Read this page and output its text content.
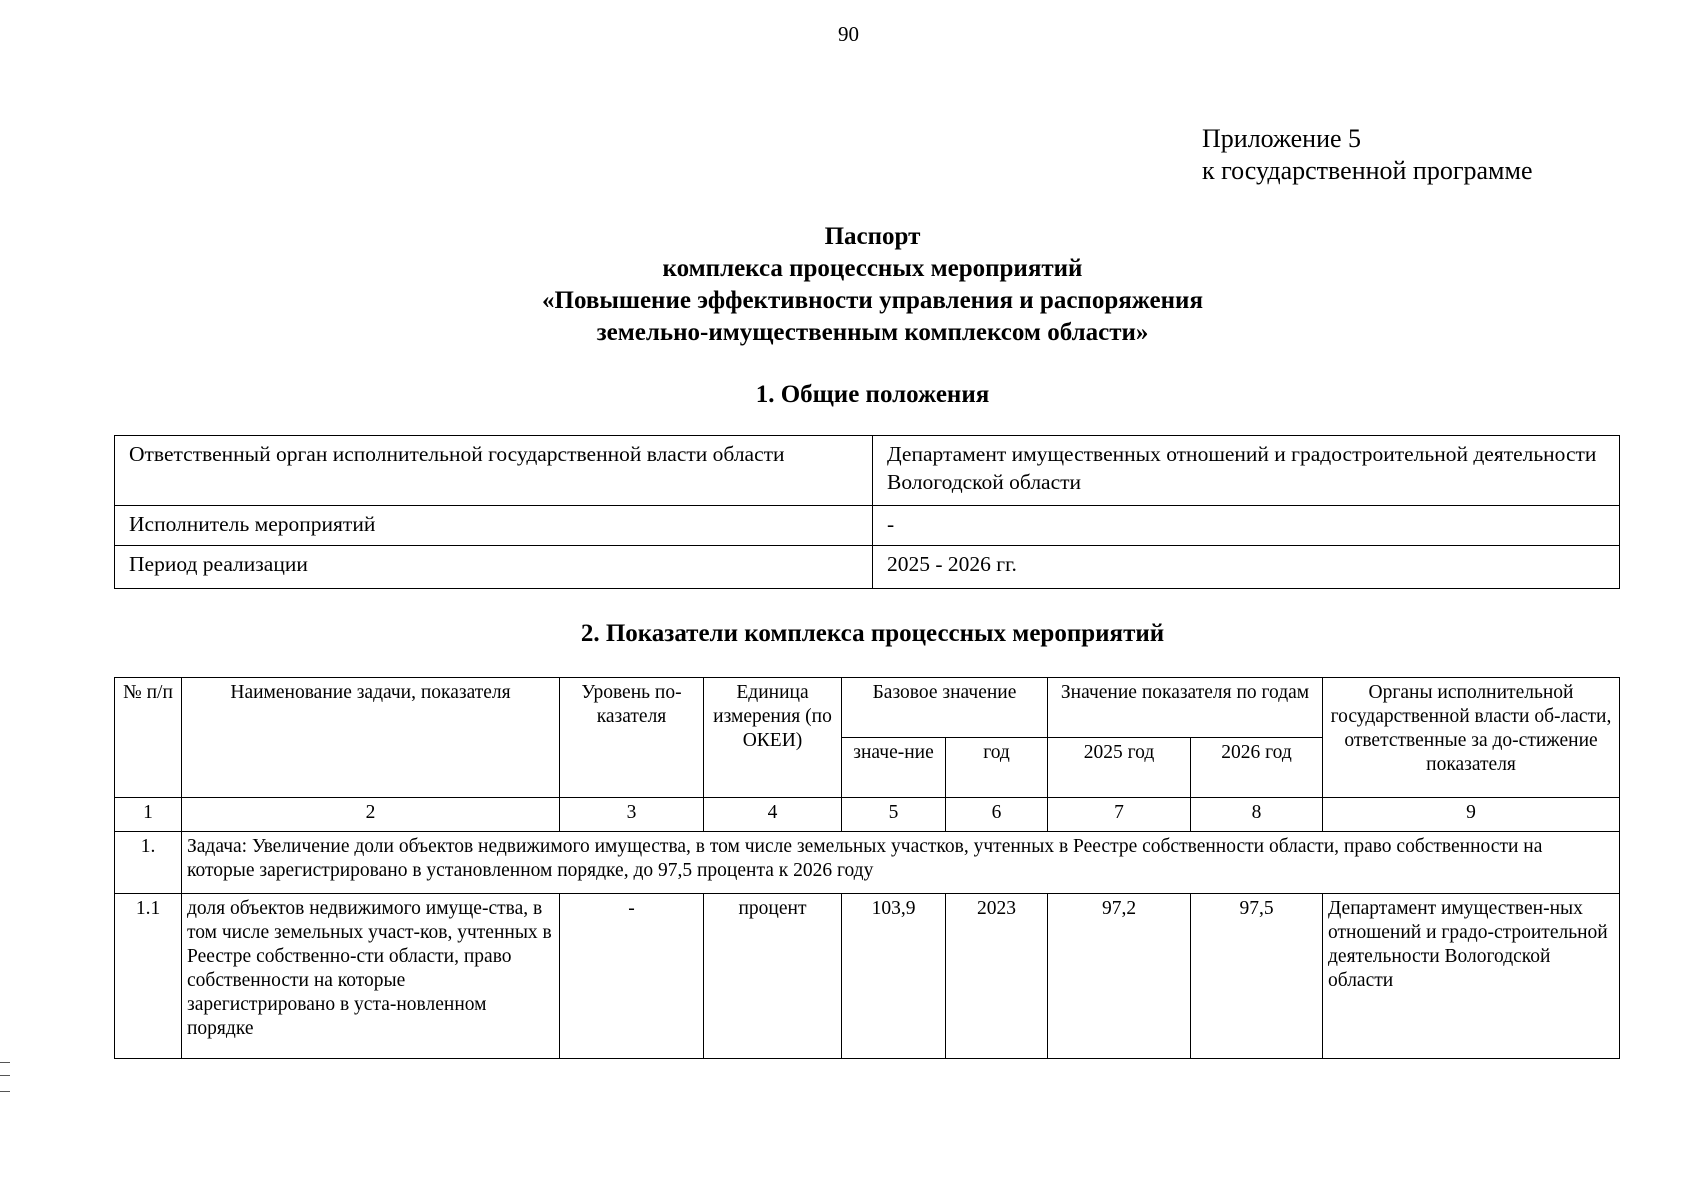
90
Приложение 5
к государственной программе
Паспорт
комплекса процессных мероприятий
«Повышение эффективности управления и распоряжения
земельно-имущественным комплексом области»
1. Общие положения
Ответственный орган исполнительной государственной власти области	Департамент имущественных отношений и градостроительной деятельности Вологодской области
Исполнитель мероприятий	-
Период реализации	2025 - 2026 гг.
2. Показатели комплекса процессных мероприятий
№ п/п	Наименование задачи, показателя	Уровень по-казателя	Единица измерения (по ОКЕИ)	Базовое значение		Значение показателя по годам		Органы исполнительной государственной власти об-ласти, ответственные за до-стижение показателя
				значе-ние	год	2025 год	2026 год	
1	2	3	4	5	6	7	8	9
1.	Задача: Увеличение доли объектов недвижимого имущества, в том числе земельных участков, учтенных в Реестре собственности области, право собственности на которые зарегистрировано в установленном порядке, до 97,5 процента к 2026 году							
1.1	доля объектов недвижимого имуще-ства, в том числе земельных участ-ков, учтенных в Реестре собственно-сти области, право собственности на которые зарегистрировано в уста-новленном порядке	-	процент	103,9	2023	97,2	97,5	Департамент имуществен-ных отношений и градо-строительной деятельности Вологодской области
